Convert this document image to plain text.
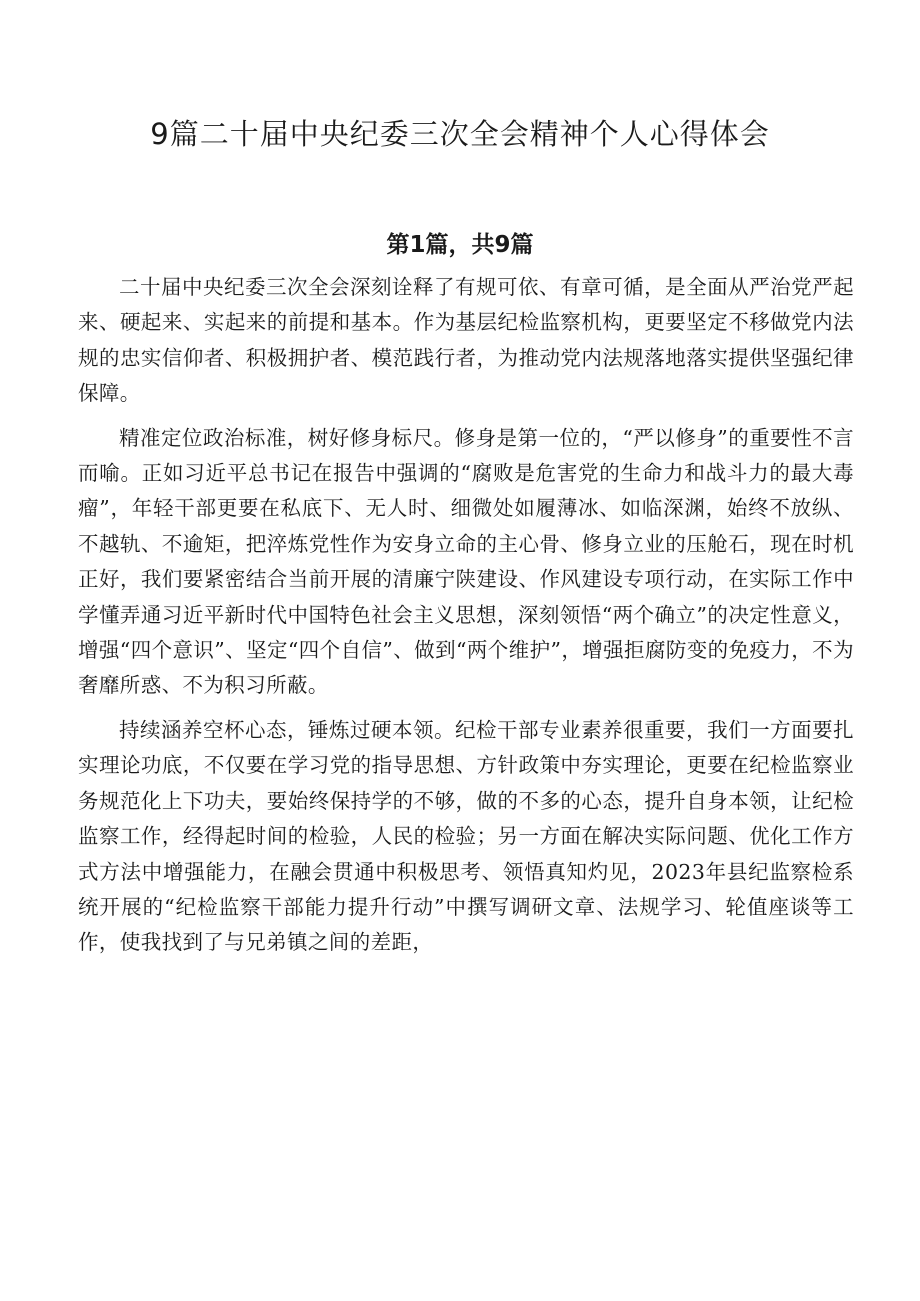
9篇二十届中央纪委三次全会精神个人心得体会
第1篇，共9篇

二十届中央纪委三次全会深刻诠释了有规可依、有章可循，是全面从严治党严起来、硬起来、实起来的前提和基本。作为基层纪检监察机构，更要坚定不移做党内法规的忠实信仰者、积极拥护者、模范践行者，为推动党内法规落地落实提供坚强纪律保障。

精准定位政治标准，树好修身标尺。修身是第一位的，“严以修身”的重要性不言而喻。正如习近平总书记在报告中强调的“腐败是危害党的生命力和战斗力的最大毒瘤”，年轻干部更要在私底下、无人时、细微处如履薄冰、如临深渊，始终不放纵、不越轨、不逾矩，把淬炼党性作为安身立命的主心骨、修身立业的压舱石，现在时机正好，我们要紧密结合当前开展的清廉宁陕建设、作风建设专项行动，在实际工作中学懂弄通习近平新时代中国特色社会主义思想，深刻领悟“两个确立”的决定性意义，增强“四个意识”、坚定“四个自信”、做到“两个维护”，增强拒腐防变的免疫力，不为奢靡所惑、不为积习所蔽。

持续涵养空杯心态，锤炼过硬本领。纪检干部专业素养很重要，我们一方面要扎实理论功底，不仅要在学习党的指导思想、方针政策中夯实理论，更要在纪检监察业务规范化上下功夫，要始终保持学的不够，做的不多的心态，提升自身本领，让纪检监察工作，经得起时间的检验，人民的检验；另一方面在解决实际问题、优化工作方式方法中增强能力，在融会贯通中积极思考、领悟真知灼见，2023年县纪监察检系统开展的“纪检监察干部能力提升行动”中撰写调研文章、法规学习、轮值座谈等工作，使我找到了与兄弟镇之间的差距，
